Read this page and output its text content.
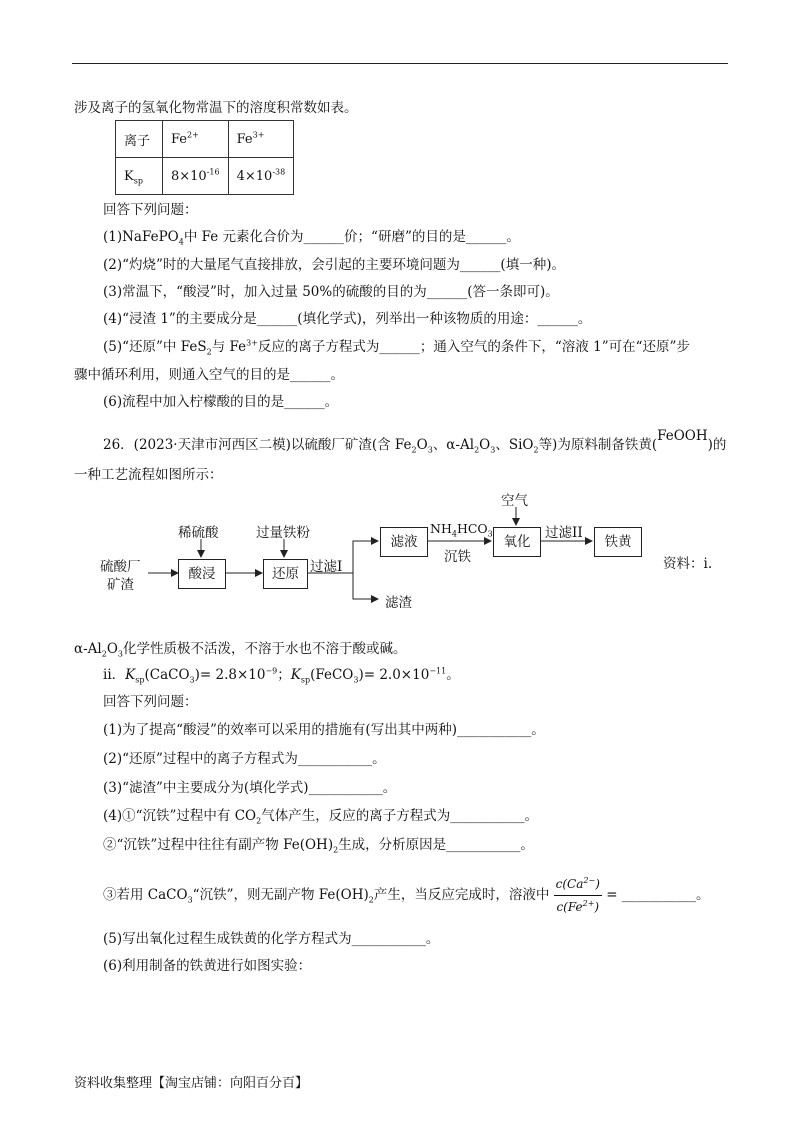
涉及离子的氢氧化物常温下的溶度积常数如表。
离子	$Fe^{2+}$	$Fe^{3+}$
$K_{sp}$	$8\times 10^{-16}$	$4\times 10^{-38}$
回答下列问题：
(1)NaFePO$_4$中 Fe 元素化合价为______价；“研磨”的目的是______。
(2)“灼烧”时的大量尾气直接排放，会引起的主要环境问题为______(填一种)。
(3)常温下，“酸浸”时，加入过量 50%的硫酸的目的为______(答一条即可)。
(4)“浸渣 1”的主要成分是______(填化学式)，列举出一种该物质的用途：______。
(5)“还原”中 FeS$_2$与 $Fe^{3+}$反应的离子方程式为______；通入空气的条件下，“溶液 1”可在“还原”步
骤中循环利用，则通入空气的目的是______。
(6)流程中加入柠檬酸的目的是______。
26．(2023·天津市河西区二模)以硫酸厂矿渣(含 $Fe_2O_3$、$\alpha-Al_2O_3$、SiO$_2$等)为原料制备铁黄(FeOOH)的
一种工艺流程如图所示：
硫酸厂
矿渣
稀硫酸
酸浸
过量铁粉
还原 过滤I
滤液
滤渣
$NH_4HCO_3$
沉铁
空气
氧化
过滤II
铁黄
资料：i.
$\alpha-Al_2O_3$化学性质极不活泼，不溶于水也不溶于酸或碱。
ii．$K_{sp}(CaCO_3)= 2.8\times 10^{-9}$；$K_{sp}(FeCO_3)= 2.0\times 10^{-11}$。
回答下列问题：
(1)为了提高“酸浸”的效率可以采用的措施有(写出其中两种)___________。
(2)“还原”过程中的离子方程式为___________。
(3)“滤渣”中主要成分为(填化学式)___________。
(4)①“沉铁”过程中有 $CO_2$气体产生，反应的离子方程式为___________。
②“沉铁”过程中往往有副产物 $Fe(OH)_2$生成，分析原因是___________。
③若用 CaCO$_3$“沉铁”，则无副产物 $Fe(OH)_2$产生，当反应完成时，溶液中 $\frac{c(Ca^{2-})}{c(Fe^{2+})}$ = ___________。
(5)写出氧化过程生成铁黄的化学方程式为___________。
(6)利用制备的铁黄进行如图实验：
资料收集整理【淘宝店铺：向阳百分百】
